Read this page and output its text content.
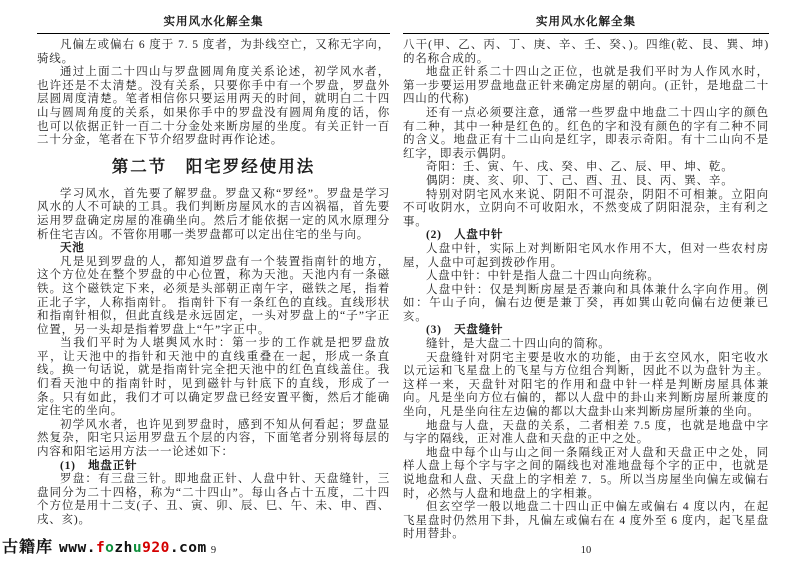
实用风水化解全集
凡偏左或偏右 6 度于 7. 5 度者，为卦线空亡，又称无字向，骑线。
通过上面二十四山与罗盘圆周角度关系论述，初学风水者，也许还是不太清楚。没有关系，只要你手中有一个罗盘，罗盘外层圆周度清楚。笔者相信你只要运用两天的时间，就明白二十四山与圆周角度的关系，如果你手中的罗盘没有圆周角度的话，你也可以依据正针一百二十分金处来断房屋的坐度。有关正针一百二十分金，笔者在下节介绍罗盘时再作论述。
第二节　阳宅罗经使用法
学习风水，首先要了解罗盘。罗盘又称“罗经”。罗盘是学习风水的人不可缺的工具。我们判断房屋风水的吉凶祸福，首先要运用罗盘确定房屋的准确坐向。然后才能依据一定的风水原理分析住宅吉凶。不管你用哪一类罗盘都可以定出住宅的坐与向。
天池
凡是见到罗盘的人，都知道罗盘有一个装置指南针的地方，这个方位处在整个罗盘的中心位置，称为天池。天池内有一条磁铁。这个磁铁定下来，必须是头部朝正南午字，磁铁之尾，指着正北子字，人称指南针。 指南针下有一条红色的直线。直线形状和指南针相似，但此直线是永远固定，一头对罗盘上的“子”字正位置，另一头却是指着罗盘上“午”字正中。
当我们平时为人堪舆风水时：第一步的工作就是把罗盘放平，让天池中的指针和天池中的直线重叠在一起，形成一条直线。换一句话说，就是指南针完全把天池中的红色直线盖住。我们看天池中的指南针时，见到磁针与针底下的直线，形成了一条。只有如此，我们才可以确定罗盘已经安置平衡，然后才能确定住宅的坐向。
初学风水者，也许见到罗盘时，感到不知从何看起；罗盘显然复杂，阳宅只运用罗盘五个层的内容，下面笔者分别将每层的内容和阳宅运用方法一一论述如下：
(1)　地盘正针
罗盘：有三盘三针。即地盘正针、人盘中针、天盘缝针，三盘同分为二十四格，称为“二十四山”。每山各占十五度，二十四个方位是用十二支(子、丑、寅、卯、辰、巳、午、未、申、酉、戌、亥)。
9
实用风水化解全集
八干(甲、乙、丙、丁、庚、辛、壬、癸、)。四维(乾、艮、巽、坤)的名称合成的。
地盘正针系二十四山之正位，也就是我们平时为人作风水时，第一步要运用罗盘地盘正针来确定房屋的朝向。(正针，是地盘二十四山的代称)
还有一点必须要注意，通常一些罗盘中地盘二十四山字的颜色有二种，其中一种是红色的。红色的字和没有颜色的字有二种不同的含义。地盘正有十二山向是红字，即表示奇阳。有十二山向不是红字，即表示偶阴。
奇阳：壬、寅、午、戌、癸、申、乙、辰、甲、坤、乾。
偶阴：庚、亥、卯、丁、己、酉、丑、艮、丙、巽、辛。
特别对阴宅风水来说、阴阳不可混杂，阴阳不可相兼。立阳向不可收阴水，立阴向不可收阳水，不然变成了阴阳混杂，主有利之事。
(2)　人盘中针
人盘中针，实际上对判断阳宅风水作用不大，但对一些农村房屋，人盘中可起到拨砂作用。
人盘中针：中针是指人盘二十四山向统称。
人盘中针：仅是判断房屋是否兼向和具体兼什么字向作用。例如：午山子向，偏右边便是兼丁癸，再如巽山乾向偏右边便兼已亥。
(3)　天盘缝针
缝针，是大盘二十四山向的简称。
天盘缝针对阴宅主要是收水的功能，由于玄空风水，阳宅收水以元运和飞星盘上的飞星与方位组合判断，因此不以为盘针为主。这样一来，天盘针对阳宅的作用和盘中针一样是判断房屋具体兼向。凡是坐向方位右偏的，都以人盘中的卦山来判断房屋所兼度的坐向，凡是坐向往左边偏的都以大盘卦山来判断房屋所兼的坐向。
地盘与人盘，天盘的关系，二者相差 7.5 度，也就是地盘中字与字的隔线，正对准人盘和天盘的正中之处。
地盘中每个山与山之间一条隔线正对人盘和天盘正中之处，同样人盘上每个字与字之间的隔线也对准地盘每个字的正中，也就是说地盘和人盘、天盘上的字相差 7．5。所以当房屋坐向偏左或偏右时，必然与人盘和地盘上的字相兼。
但玄空学一般以地盘二十四山正中偏左或偏右 4 度以内，在起飞星盘时仍然用下卦，凡偏左或偏右在 4 度外至 6 度内，起飞星盘时用替卦。
10
古籍库 www.fozhu920.com
